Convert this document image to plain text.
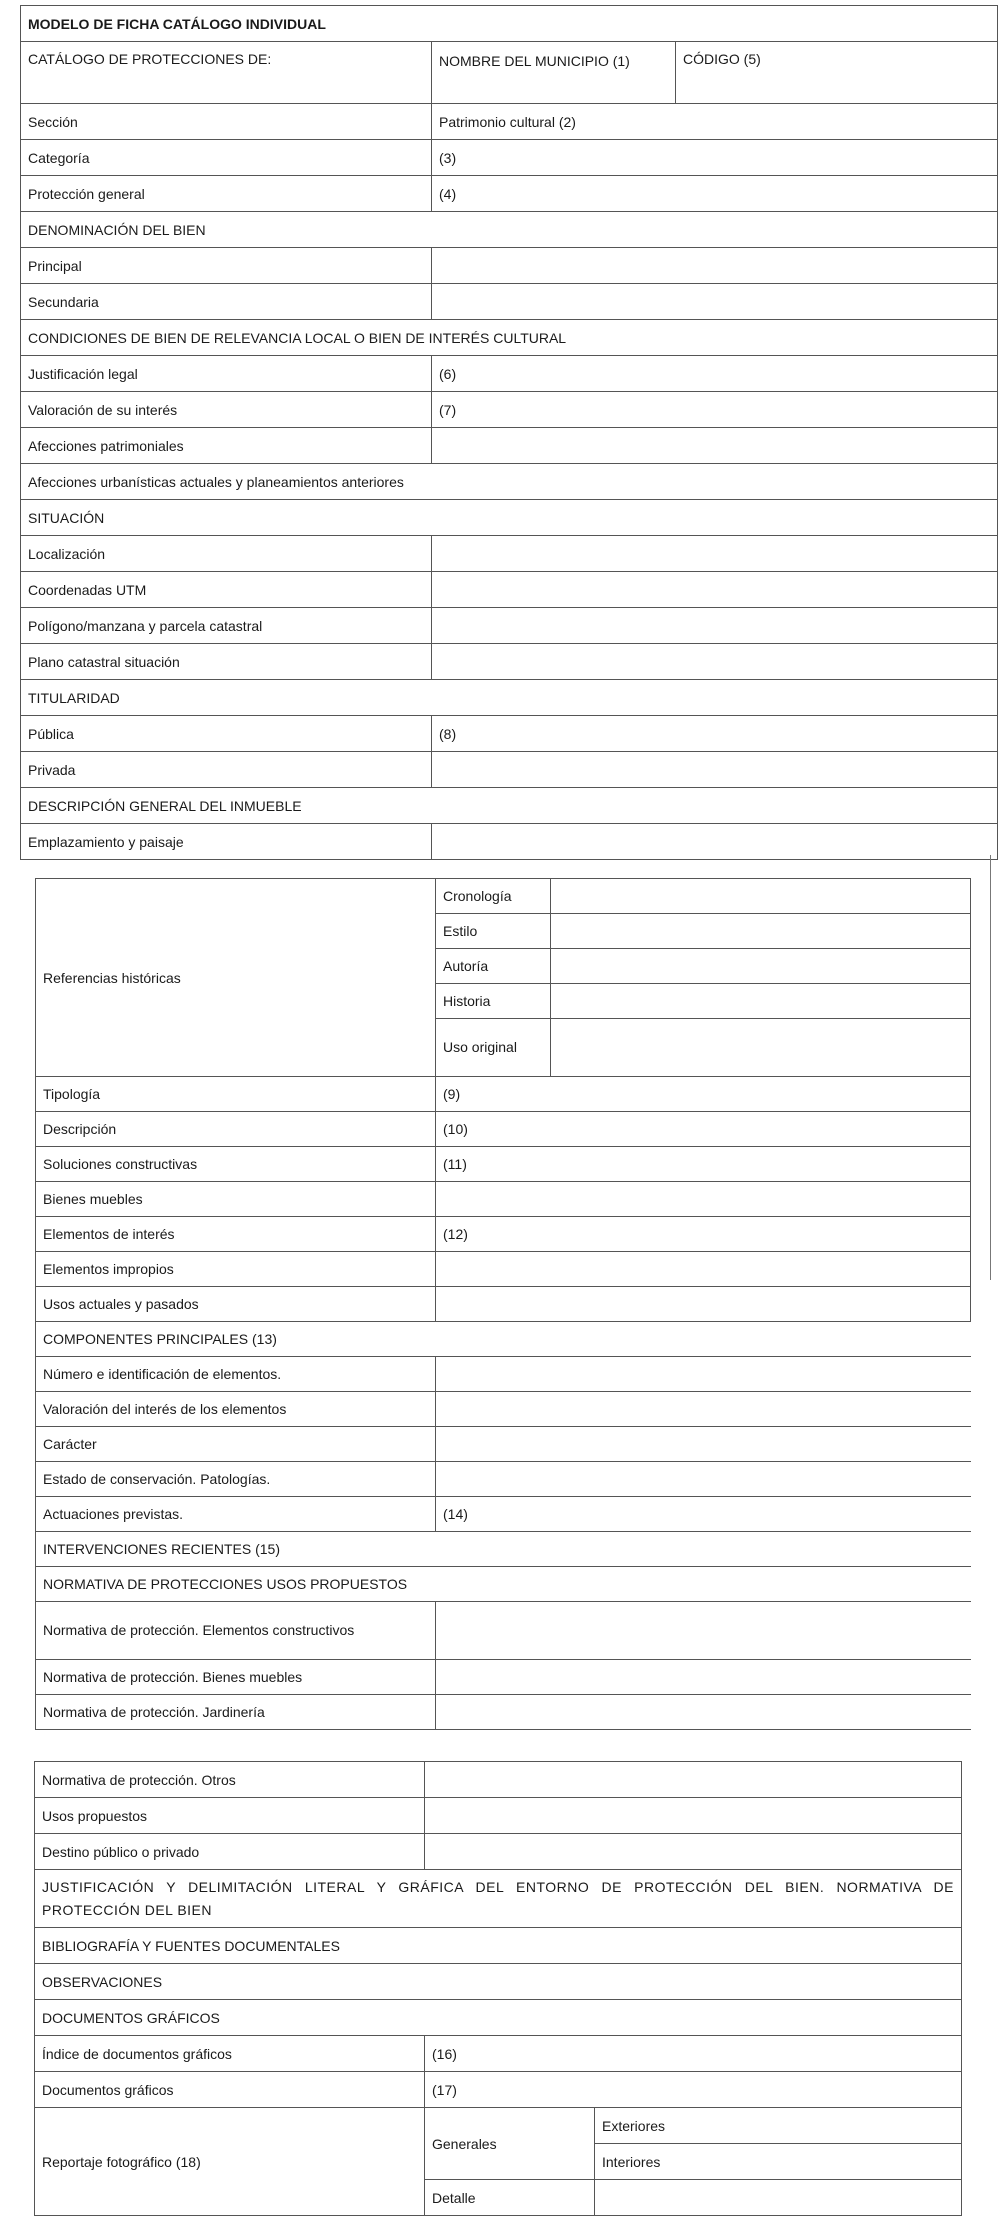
MODELO DE FICHA CATÁLOGO INDIVIDUAL		
CATÁLOGO DE PROTECCIONES DE:	NOMBRE DEL MUNICIPIO (1)	CÓDIGO (5)
Sección	Patrimonio cultural (2)	
Categoría	(3)	
Protección general	(4)	
DENOMINACIÓN DEL BIEN		
Principal		
Secundaria		
CONDICIONES DE BIEN DE RELEVANCIA LOCAL O BIEN DE INTERÉS CULTURAL		
Justificación legal	(6)	
Valoración de su interés	(7)	
Afecciones patrimoniales		
Afecciones urbanísticas actuales y planeamientos anteriores		
SITUACIÓN		
Localización		
Coordenadas UTM		
Polígono/manzana y parcela catastral		
Plano catastral situación		
TITULARIDAD		
Pública	(8)	
Privada		
DESCRIPCIÓN GENERAL DEL INMUEBLE		
Emplazamiento y paisaje		
Referencias históricas	Cronología	
	Estilo	
	Autoría	
	Historia	
	Uso original	
Tipología	(9)	
Descripción	(10)	
Soluciones constructivas	(11)	
Bienes muebles		
Elementos de interés	(12)	
Elementos impropios		
Usos actuales y pasados		
COMPONENTES PRINCIPALES (13)		
Número e identificación de elementos.		
Valoración del interés de los elementos		
Carácter		
Estado de conservación. Patologías.		
Actuaciones previstas.	(14)	
INTERVENCIONES RECIENTES (15)		
NORMATIVA DE PROTECCIONES USOS PROPUESTOS		
Normativa de protección. Elementos constructivos		
Normativa de protección. Bienes muebles		
Normativa de protección. Jardinería		
Normativa de protección. Otros		
Usos propuestos		
Destino público o privado		
JUSTIFICACIÓN Y DELIMITACIÓN LITERAL Y GRÁFICA DEL ENTORNO DE PROTECCIÓN DEL BIEN. NORMATIVA DE PROTECCIÓN DEL BIEN		
BIBLIOGRAFÍA Y FUENTES DOCUMENTALES		
OBSERVACIONES		
DOCUMENTOS GRÁFICOS		
Índice de documentos gráficos	(16)	
Documentos gráficos	(17)	
Reportaje fotográfico (18)	Generales	Exteriores
		Interiores
	Detalle	
